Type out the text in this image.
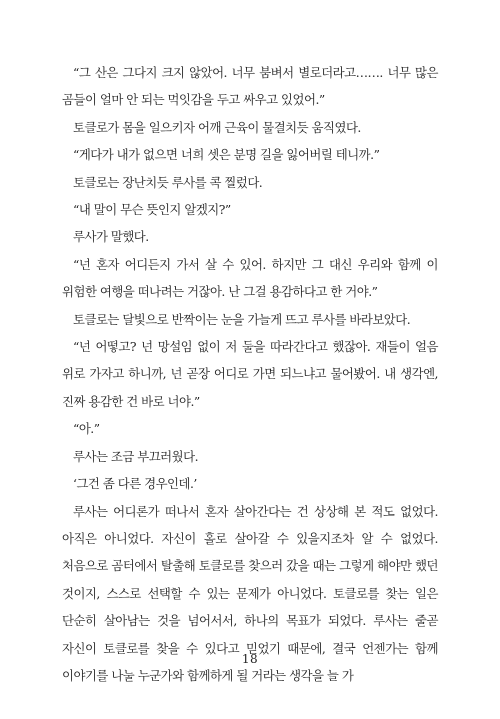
“그 산은 그다지 크지 않았어. 너무 붐벼서 별로더라고……. 너무 많은 곰들이 얼마 안 되는 먹잇감을 두고 싸우고 있었어.”

토클로가 몸을 일으키자 어깨 근육이 물결치듯 움직였다.

“게다가 내가 없으면 너희 셋은 분명 길을 잃어버릴 테니까.”

토클로는 장난치듯 루사를 콕 찔렀다.

“내 말이 무슨 뜻인지 알겠지?”

루사가 말했다.

“넌 혼자 어디든지 가서 살 수 있어. 하지만 그 대신 우리와 함께 이 위험한 여행을 떠나려는 거잖아. 난 그걸 용감하다고 한 거야.”

토클로는 달빛으로 반짝이는 눈을 가늘게 뜨고 루사를 바라보았다.

“넌 어떻고? 넌 망설임 없이 저 둘을 따라간다고 했잖아. 재들이 얼음 위로 가자고 하니까, 넌 곧장 어디로 가면 되느냐고 물어봤어. 내 생각엔, 진짜 용감한 건 바로 너야.”

“아.”

루사는 조금 부끄러웠다.

‘그건 좀 다른 경우인데.’

루사는 어디론가 떠나서 혼자 살아간다는 건 상상해 본 적도 없었다. 아직은 아니었다. 자신이 홀로 살아갈 수 있을지조차 알 수 없었다. 처음으로 곰터에서 탈출해 토클로를 찾으러 갔을 때는 그렇게 해야만 했던 것이지, 스스로 선택할 수 있는 문제가 아니었다. 토클로를 찾는 일은 단순히 살아남는 것을 넘어서서, 하나의 목표가 되었다. 루사는 줄곧 자신이 토클로를 찾을 수 있다고 믿었기 때문에, 결국 언젠가는 함께 이야기를 나눌 누군가와 함께하게 될 거라는 생각을 늘 가

18
